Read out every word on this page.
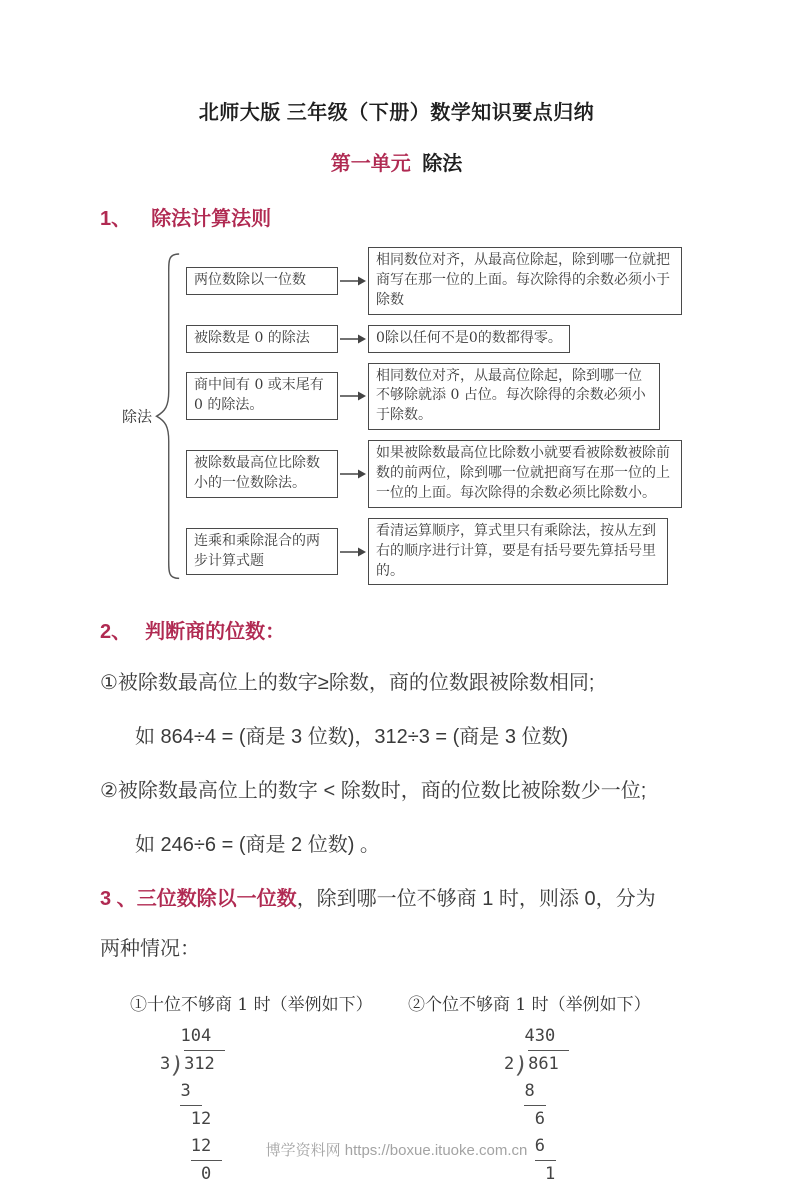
北师大版 三年级（下册）数学知识要点归纳
第一单元 除法
1、 除法计算法则
除法
两位数除以一位数
相同数位对齐，从最高位除起，除到哪一位就把商写在那一位的上面。每次除得的余数必须小于除数
被除数是 0 的除法	0除以任何不是0的数都得零。
商中间有 0 或末尾有 0 的除法。
相同数位对齐，从最高位除起，除到哪一位不够除就添 0 占位。每次除得的余数必须小于除数。
被除数最高位比除数小的一位数除法。
如果被除数最高位比除数小就要看被除数被除前数的前两位，除到哪一位就把商写在那一位的上一位的上面。每次除得的余数必须比除数小。
连乘和乘除混合的两步计算式题
看清运算顺序，算式里只有乘除法，按从左到右的顺序进行计算，要是有括号要先算括号里的。
2、 判断商的位数：

①被除数最高位上的数字≥除数，商的位数跟被除数相同;

如 864÷4 = (商是 3 位数)，312÷3 = (商是 3 位数)

②被除数最高位上的数字 < 除数时，商的位数比被除数少一位;

如 246÷6 = (商是 2 位数) 。

3 、三位数除以一位数，除到哪一位不够商 1 时，则添 0，分为

两种情况：

①十位不够商 1 时（举例如下）
104
3
)
312
3
12
12
0
②个位不够商 1 时（举例如下）
430
2
)
861
8
6
6
1
博学资料网 https://boxue.ituoke.com.cn
